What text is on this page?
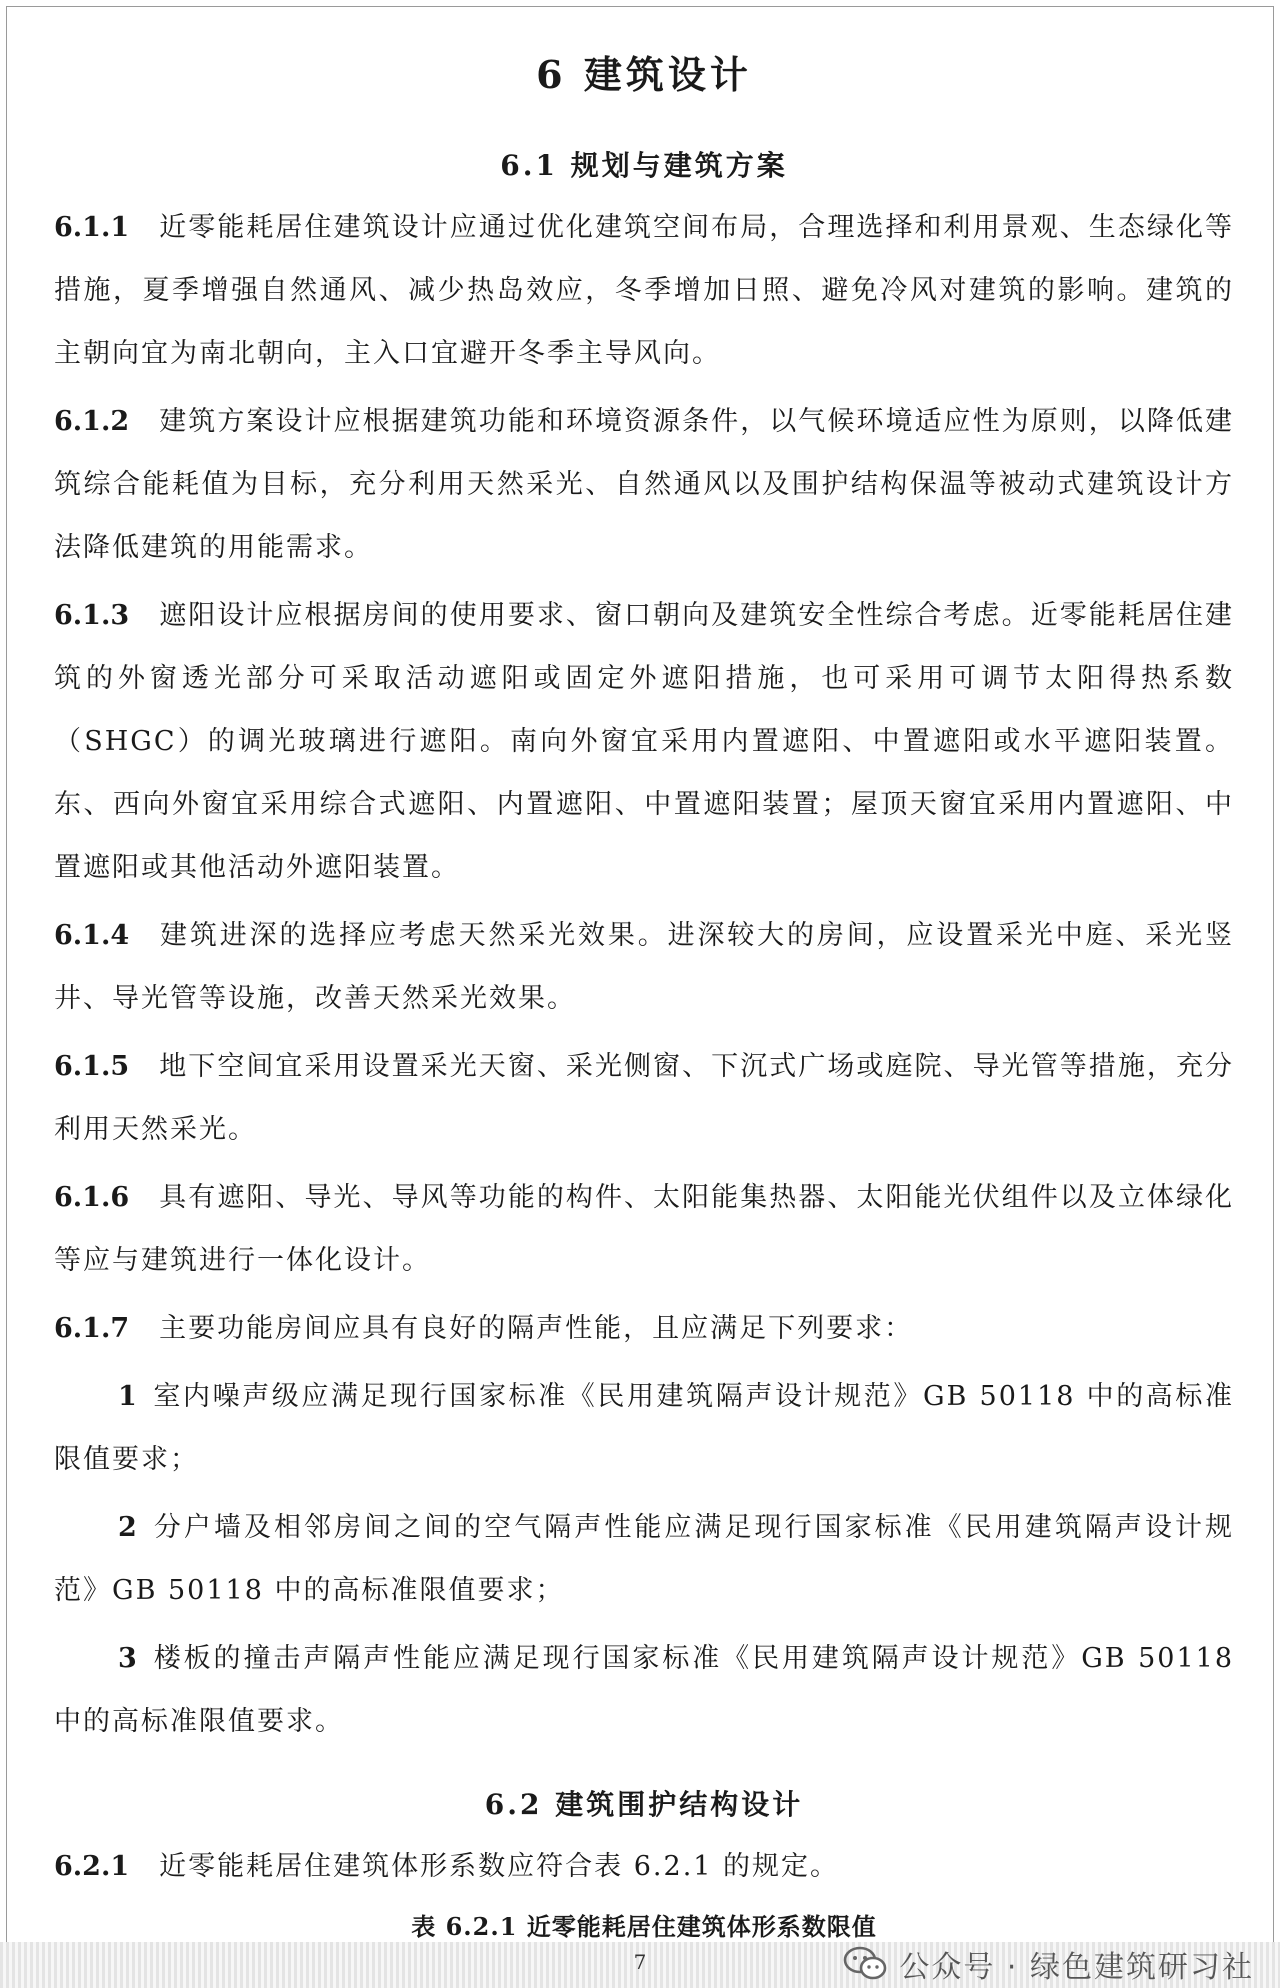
6 建筑设计
6.1 规划与建筑方案

6.1.1 近零能耗居住建筑设计应通过优化建筑空间布局，合理选择和利用景观、生态绿化等措施，夏季增强自然通风、减少热岛效应，冬季增加日照、避免冷风对建筑的影响。建筑的主朝向宜为南北朝向，主入口宜避开冬季主导风向。

6.1.2 建筑方案设计应根据建筑功能和环境资源条件，以气候环境适应性为原则，以降低建筑综合能耗值为目标，充分利用天然采光、自然通风以及围护结构保温等被动式建筑设计方法降低建筑的用能需求。

6.1.3 遮阳设计应根据房间的使用要求、窗口朝向及建筑安全性综合考虑。近零能耗居住建筑的外窗透光部分可采取活动遮阳或固定外遮阳措施，也可采用可调节太阳得热系数（SHGC）的调光玻璃进行遮阳。南向外窗宜采用内置遮阳、中置遮阳或水平遮阳装置。东、西向外窗宜采用综合式遮阳、内置遮阳、中置遮阳装置；屋顶天窗宜采用内置遮阳、中置遮阳或其他活动外遮阳装置。

6.1.4 建筑进深的选择应考虑天然采光效果。进深较大的房间，应设置采光中庭、采光竖井、导光管等设施，改善天然采光效果。

6.1.5 地下空间宜采用设置采光天窗、采光侧窗、下沉式广场或庭院、导光管等措施，充分利用天然采光。

6.1.6 具有遮阳、导光、导风等功能的构件、太阳能集热器、太阳能光伏组件以及立体绿化等应与建筑进行一体化设计。

6.1.7 主要功能房间应具有良好的隔声性能，且应满足下列要求：

1 室内噪声级应满足现行国家标准《民用建筑隔声设计规范》GB 50118 中的高标准限值要求；

2 分户墙及相邻房间之间的空气隔声性能应满足现行国家标准《民用建筑隔声设计规范》GB 50118 中的高标准限值要求；

3 楼板的撞击声隔声性能应满足现行国家标准《民用建筑隔声设计规范》GB 50118 中的高标准限值要求。

6.2 建筑围护结构设计

6.2.1 近零能耗居住建筑体形系数应符合表 6.2.1 的规定。

表 6.2.1 近零能耗居住建筑体形系数限值

7	公众号 · 绿色建筑研习社
